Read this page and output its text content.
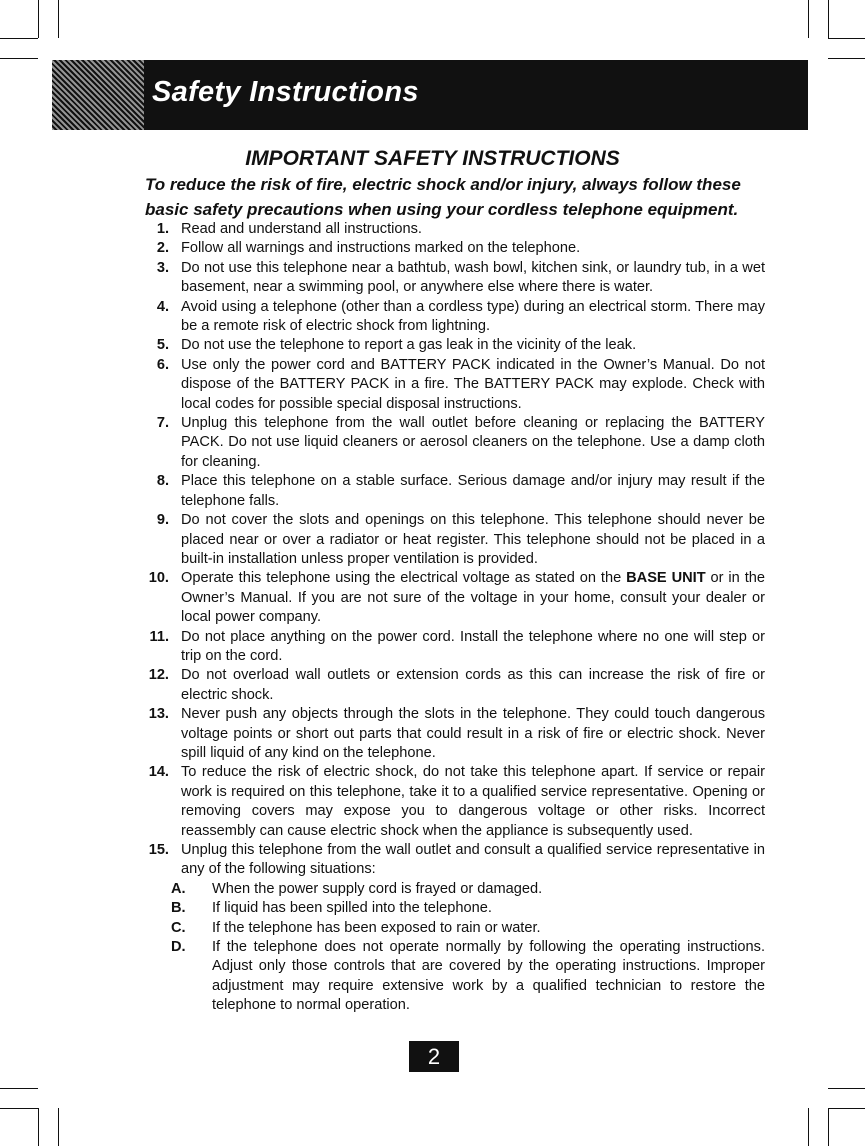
Safety Instructions
IMPORTANT SAFETY INSTRUCTIONS
To reduce the risk of fire, electric shock and/or injury, always follow these basic safety precautions when using your cordless telephone equipment.
1. Read and understand all instructions.
2. Follow all warnings and instructions marked on the telephone.
3. Do not use this telephone near a bathtub, wash bowl, kitchen sink, or laundry tub, in a wet basement, near a swimming pool, or anywhere else where there is water.
4. Avoid using a telephone (other than a cordless type) during an electrical storm. There may be a remote risk of electric shock from lightning.
5. Do not use the telephone to report a gas leak in the vicinity of the leak.
6. Use only the power cord and BATTERY PACK indicated in the Owner’s Manual. Do not dispose of the BATTERY PACK in a fire. The BATTERY PACK may explode. Check with local codes for possible special disposal instructions.
7. Unplug this telephone from the wall outlet before cleaning or replacing the BATTERY PACK. Do not use liquid cleaners or aerosol cleaners on the telephone. Use a damp cloth for cleaning.
8. Place this telephone on a stable surface. Serious damage and/or injury may result if the telephone falls.
9. Do not cover the slots and openings on this telephone. This telephone should never be placed near or over a radiator or heat register. This telephone should not be placed in a built-in installation unless proper ventilation is provided.
10. Operate this telephone using the electrical voltage as stated on the BASE UNIT or in the Owner’s Manual. If you are not sure of the voltage in your home, consult your dealer or local power company.
11. Do not place anything on the power cord. Install the telephone where no one will step or trip on the cord.
12. Do not overload wall outlets or extension cords as this can increase the risk of fire or electric shock.
13. Never push any objects through the slots in the telephone. They could touch dangerous voltage points or short out parts that could result in a risk of fire or electric shock. Never spill liquid of any kind on the telephone.
14. To reduce the risk of electric shock, do not take this telephone apart. If service or repair work is required on this telephone, take it to a qualified service representative. Opening or removing covers may expose you to dangerous voltage or other risks. Incorrect reassembly can cause electric shock when the appliance is subsequently used.
15. Unplug this telephone from the wall outlet and consult a qualified service representative in any of the following situations:
A.	When the power supply cord is frayed or damaged.
B.	If liquid has been spilled into the telephone.
C.	If the telephone has been exposed to rain or water.
D.	If the telephone does not operate normally by following the operating instructions. Adjust only those controls that are covered by the operating instructions. Improper adjustment may require extensive work by a qualified technician to restore the telephone to normal operation.
2
